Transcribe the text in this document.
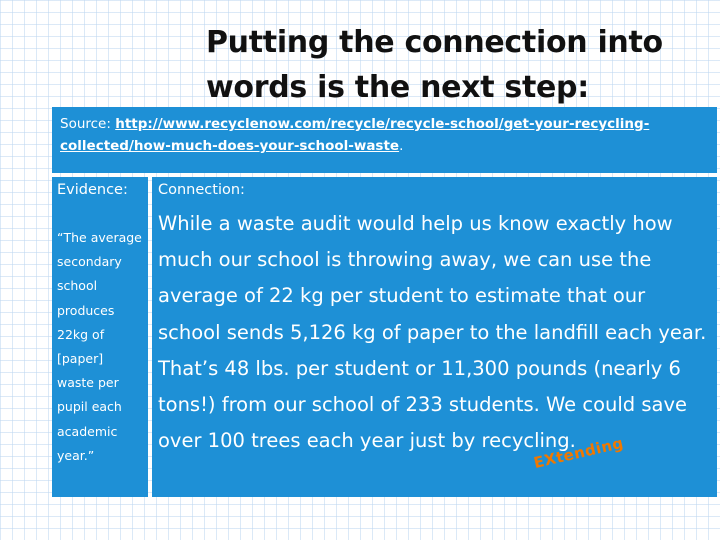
Putting the connection into words is the next step:
Source: http://www.recyclenow.com/recycle/recycle-school/get-your-recycling-collected/how-much-does-your-school-waste.
Evidence:
“The average secondary school produces 22kg of [paper] waste per pupil each academic year.”
Connection:
While a waste audit would help us know exactly how much our school is throwing away, we can use the average of 22 kg per student to estimate that our school sends 5,126 kg of paper to the landfill each year. That’s 48 lbs. per student or 11,300 pounds (nearly 6 tons!) from our school of 233 students. We could save over 100 trees each year just by recycling.
EXtending
